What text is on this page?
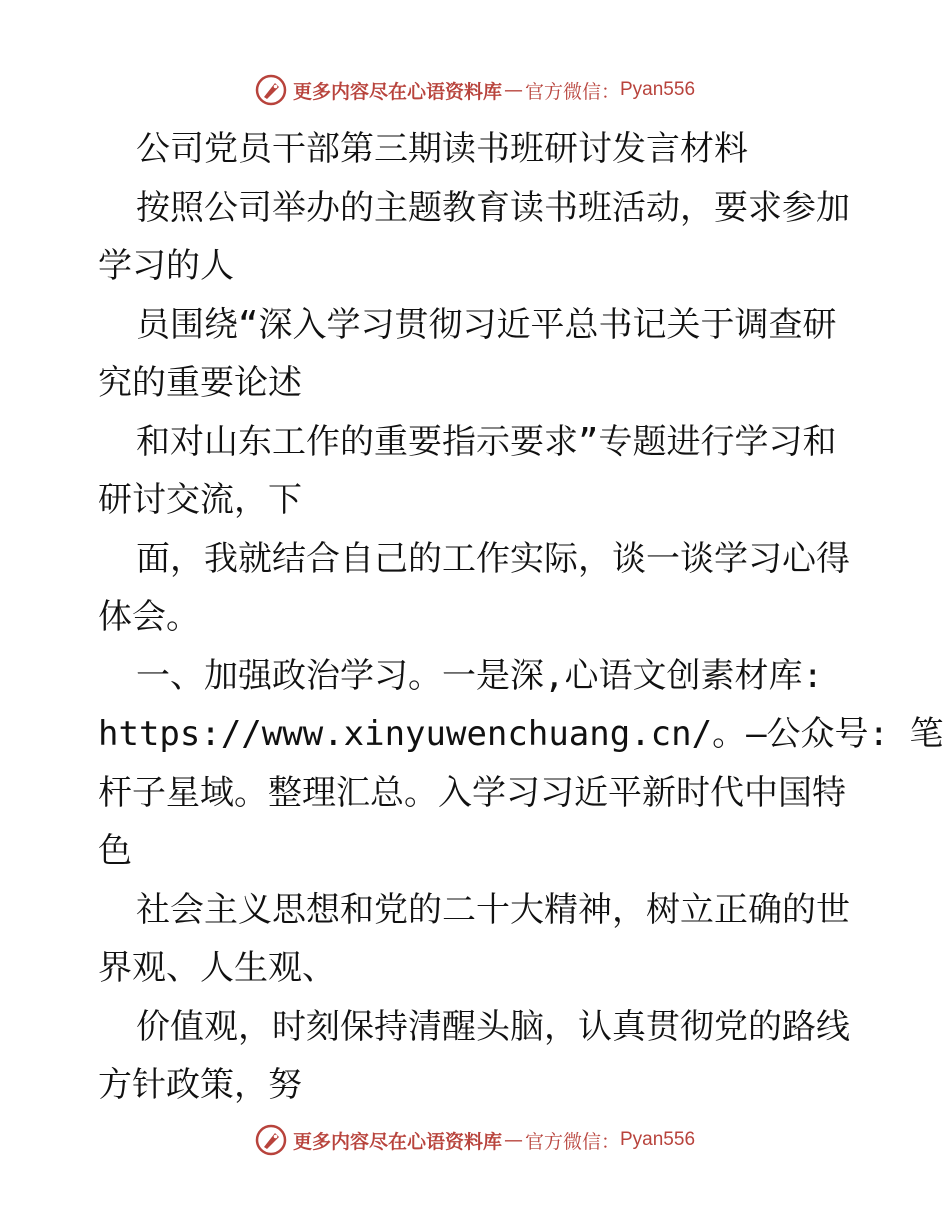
更多内容尽在心语资料库 — 官方微信： Pyan556
公司党员干部第三期读书班研讨发言材料
按照公司举办的主题教育读书班活动，要求参加
学习的人
员围绕“深入学习贯彻习近平总书记关于调查研
究的重要论述
和对山东工作的重要指示要求”专题进行学习和
研讨交流，下
面，我就结合自己的工作实际，谈一谈学习心得
体会。
一、加强政治学习。一是深,心语文创素材库:
https://www.xinyuwenchuang.cn/。—公众号: 笔
杆子星域。整理汇总。入学习习近平新时代中国特
色
社会主义思想和党的二十大精神，树立正确的世
界观、人生观、
价值观，时刻保持清醒头脑，认真贯彻党的路线
方针政策，努
更多内容尽在心语资料库 — 官方微信： Pyan556
